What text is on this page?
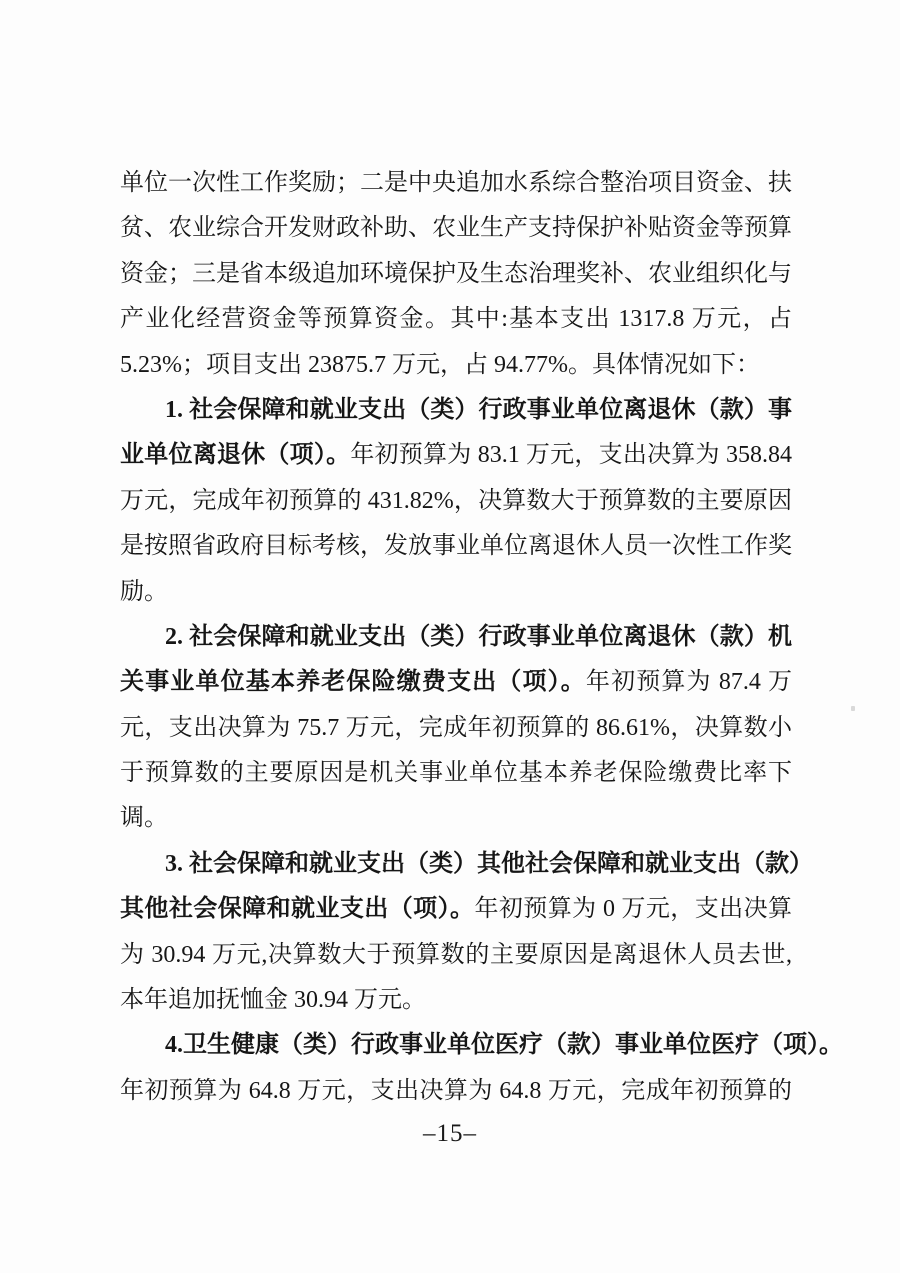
单位一次性工作奖励；二是中央追加水系综合整治项目资金、扶
贫、农业综合开发财政补助、农业生产支持保护补贴资金等预算
资金；三是省本级追加环境保护及生态治理奖补、农业组织化与
产业化经营资金等预算资金。其中:基本支出 1317.8 万元，占
5.23%；项目支出 23875.7 万元，占 94.77%。具体情况如下：
1. 社会保障和就业支出（类）行政事业单位离退休（款）事
业单位离退休（项）。年初预算为 83.1 万元，支出决算为 358.84
万元，完成年初预算的 431.82%，决算数大于预算数的主要原因
是按照省政府目标考核，发放事业单位离退休人员一次性工作奖
励。
2. 社会保障和就业支出（类）行政事业单位离退休（款）机
关事业单位基本养老保险缴费支出（项）。年初预算为 87.4 万
元，支出决算为 75.7 万元，完成年初预算的 86.61%，决算数小
于预算数的主要原因是机关事业单位基本养老保险缴费比率下
调。
3. 社会保障和就业支出（类）其他社会保障和就业支出（款）
其他社会保障和就业支出（项）。年初预算为 0 万元，支出决算
为 30.94 万元,决算数大于预算数的主要原因是离退休人员去世,
本年追加抚恤金 30.94 万元。
4.卫生健康（类）行政事业单位医疗（款）事业单位医疗（项）。
年初预算为 64.8 万元，支出决算为 64.8 万元，完成年初预算的
–15–
